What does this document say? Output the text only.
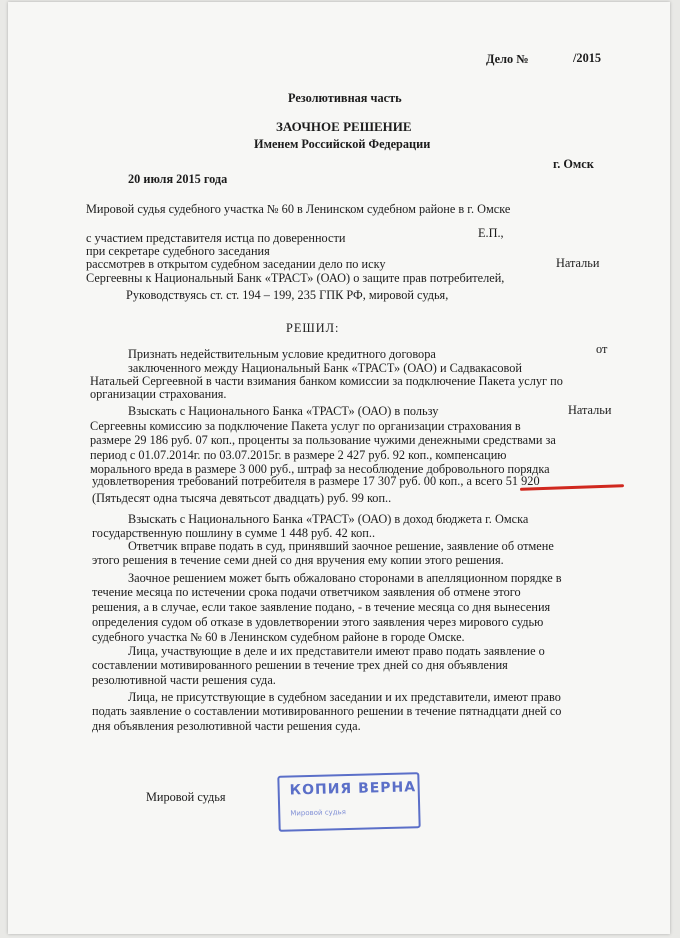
Дело №	/2015
Резолютивная часть
ЗАОЧНОЕ РЕШЕНИЕ
Именем Российской Федерации
20 июля 2015 года
г. Омск
Мировой судья судебного участка № 60 в Ленинском судебном районе в г. Омске
с участием представителя истца по доверенности	Е.П.,
при секретаре судебного заседания
рассмотрев в открытом судебном заседании дело по иску	Натальи
Сергеевны к Национальный Банк «ТРАСТ» (ОАО) о защите прав потребителей,
Руководствуясь ст. ст. 194 – 199, 235 ГПК РФ, мировой судья,
РЕШИЛ:
Признать недействительным условие кредитного договора	от
заключенного между Национальный Банк «ТРАСТ» (ОАО) и Садвакасовой
Натальей Сергеевной в части взимания банком комиссии за подключение Пакета услуг по
организации страхования.
Взыскать с Национального Банка «ТРАСТ» (ОАО) в пользу	Натальи
Сергеевны комиссию за подключение Пакета услуг по организации страхования в
размере 29 186 руб. 07 коп., проценты за пользование чужими денежными средствами за
период с 01.07.2014г. по 03.07.2015г. в размере 2 427 руб. 92 коп., компенсацию
морального вреда в размере 3 000 руб., штраф за несоблюдение добровольного порядка
удовлетворения требований потребителя в размере 17 307 руб. 00 коп., а всего 51 920
(Пятьдесят одна тысяча девятьсот двадцать) руб. 99 коп..
Взыскать с Национального Банка «ТРАСТ» (ОАО) в доход бюджета г. Омска
государственную пошлину в сумме 1 448 руб. 42 коп..
Ответчик вправе подать в суд, принявший заочное решение, заявление об отмене
этого решения в течение семи дней со дня вручения ему копии этого решения.
Заочное решением может быть обжаловано сторонами в апелляционном порядке в
течение месяца по истечении срока подачи ответчиком заявления об отмене этого
решения, а в случае, если такое заявление подано, - в течение месяца со дня вынесения
определения судом об отказе в удовлетворении этого заявления через мирового судью
судебного участка № 60 в Ленинском судебном районе в городе Омске.
Лица, участвующие в деле и их представители имеют право подать заявление о
составлении мотивированного решении в течение трех дней со дня объявления
резолютивной части решения суда.
Лица, не присутствующие в судебном заседании и их представители, имеют право
подать заявление о составлении мотивированного решении в течение пятнадцати дней со
дня объявления резолютивной части решения суда.
Мировой судья	КОПИЯ ВЕРНА
Мировой судья
